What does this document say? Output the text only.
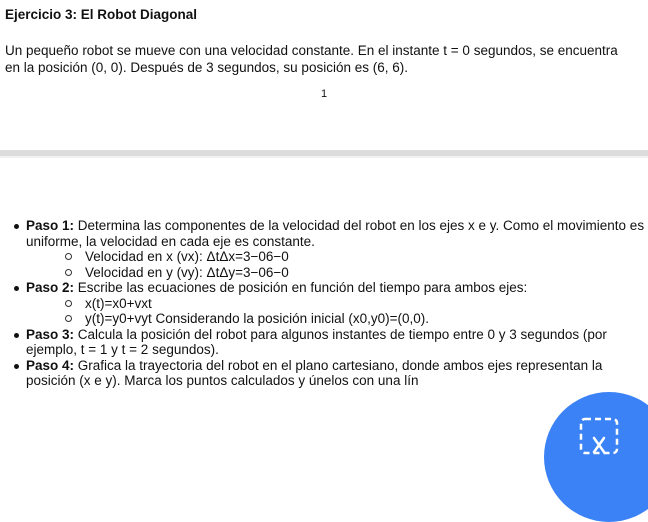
Ejercicio 3: El Robot Diagonal
Un pequeño robot se mueve con una velocidad constante. En el instante t = 0 segundos, se encuentra en la posición (0, 0). Después de 3 segundos, su posición es (6, 6).
1
Paso 1: Determina las componentes de la velocidad del robot en los ejes x e y. Como el movimiento es uniforme, la velocidad en cada eje es constante.
Velocidad en x (vx): ΔtΔx=3−06−0
Velocidad en y (vy): ΔtΔy=3−06−0
Paso 2: Escribe las ecuaciones de posición en función del tiempo para ambos ejes:
x(t)=x0+vxt
y(t)=y0+vyt Considerando la posición inicial (x0,y0)=(0,0).
Paso 3: Calcula la posición del robot para algunos instantes de tiempo entre 0 y 3 segundos (por ejemplo, t = 1 y t = 2 segundos).
Paso 4: Grafica la trayectoria del robot en el plano cartesiano, donde ambos ejes representan la posición (x e y). Marca los puntos calculados y únelos con una lín
